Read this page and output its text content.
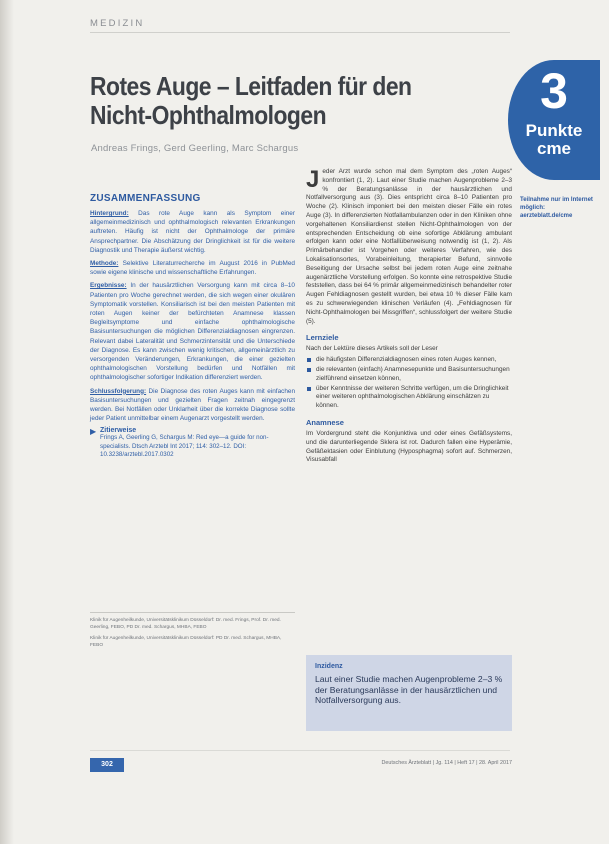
MEDIZIN
Rotes Auge – Leitfaden für den Nicht-Ophthalmologen
Andreas Frings, Gerd Geerling, Marc Schargus
3
Punkte
cme
Teilnahme nur im Internet möglich: aerzteblatt.de/cme
ZUSAMMENFASSUNG

Hintergrund: Das rote Auge kann als Symptom einer allgemeinmedizinisch und ophthalmologisch relevanten Erkrankungen auftreten. Häufig ist nicht der Ophthalmologe der primäre Ansprechpartner. Die Abschätzung der Dringlichkeit ist für die weitere Diagnostik und Therapie äußerst wichtig.

Methode: Selektive Literaturrecherche im August 2016 in PubMed sowie eigene klinische und wissenschaftliche Erfahrungen.

Ergebnisse: In der hausärztlichen Versorgung kann mit circa 8–10 Patienten pro Woche gerechnet werden, die sich wegen einer okulären Symptomatik vorstellen. Konsiliarisch ist bei den meisten Patienten mit roten Augen keiner der befürchteten Anamnese klassen Begleitsymptome und einfache ophthalmologische Basisuntersuchungen die möglichen Differenzialdiagnosen eingrenzen. Relevant dabei Lateralität und Schmerzintensität und die Unterschiede der Diagnose. Es kann zwischen wenig kritischen, allgemeinärztlich zu versorgenden Veränderungen, Erkrankungen, die einer gezielten ophthalmologischen Vorstellung bedürfen und Notfällen mit ophthalmologischer sofortiger Indikation differenziert werden.

Schlussfolgerung: Die Diagnose des roten Auges kann mit einfachen Basisuntersuchungen und gezielten Fragen zeitnah eingegrenzt werden. Bei Notfällen oder Unklarheit über die korrekte Diagnose sollte jeder Patient unmittelbar einem Augenarzt vorgestellt werden.

▶ Zitierweise
Frings A, Geerling G, Schargus M: Red eye—a guide for non-specialists. Dtsch Arztebl Int 2017; 114: 302–12. DOI: 10.3238/arztebl.2017.0302

Klinik für Augenheilkunde, Universitätsklinikum Düsseldorf: Dr. med. Frings, Prof. Dr. med. Geerling, FEBO, PD Dr. med. Schargus, MHBA, FEBO

Klinik für Augenheilkunde, Universitätsklinikum Düsseldorf: PD Dr. med. Schargus, MHBA, FEBO

Jeder Arzt wurde schon mal dem Symptom des „roten Auges“ konfrontiert (1, 2). Laut einer Studie machen Augenprobleme 2–3 % der Beratungsanlässe in der hausärztlichen und Notfallversorgung aus (3). Dies entspricht circa 8–10 Patienten pro Woche (2). Klinisch imponiert bei den meisten dieser Fälle ein rotes Auge (3). In differenzierten Notfallambulanzen oder in den Kliniken ohne vorgehaltenen Konsiliardienst stellen Nicht-Ophthalmologen von der entsprechenden Entscheidung ob eine sofortige Abklärung ambulant erfolgen kann oder eine Notfallüberweisung notwendig ist (1, 2). Als Primärbehandler ist Vorgehen oder weiteres Verfahren, wie des Lokalisationsortes, Vorabeinleitung, therapierter Befund, sinnvolle Beseitigung der Ursache selbst bei jedem roten Auge eine zeitnahe augenärztliche Vorstellung erfolgen. So konnte eine retrospektive Studie feststellen, dass bei 64 % primär allgemeinmedizinisch behandelter roter Augen Fehldiagnosen gestellt wurden, bei etwa 10 % dieser Fälle kam es zu schwerwiegenden klinischen Verläufen (4). „Fehldiagnosen für Nicht-Ophthalmologen bei Missgriffen“, schlussfolgert der weitere Studie (5).

Lernziele

Nach der Lektüre dieses Artikels soll der Leser

die häufigsten Differenzialdiagnosen eines roten Auges kennen,
die relevanten (einfach) Anamnesepunkte und Basisuntersuchungen zielführend einsetzen können,
über Kenntnisse der weiteren Schritte verfügen, um die Dringlichkeit einer weiteren ophthalmologischen Abklärung einschätzen zu können.
Anamnese

Im Vordergrund steht die Konjunktiva und oder eines Gefäßsystems, und die darunterliegende Sklera ist rot. Dadurch fallen eine Hyperämie, Gefäßektasien oder Einblutung (Hyposphagma) sofort auf. Schmerzen, Visusabfall

Inzidenz
Laut einer Studie machen Augenprobleme 2–3 % der Beratungsanlässe in der hausärztlichen und Notfallversorgung aus.
302	Deutsches Ärzteblatt | Jg. 114 | Heft 17 | 28. April 2017
